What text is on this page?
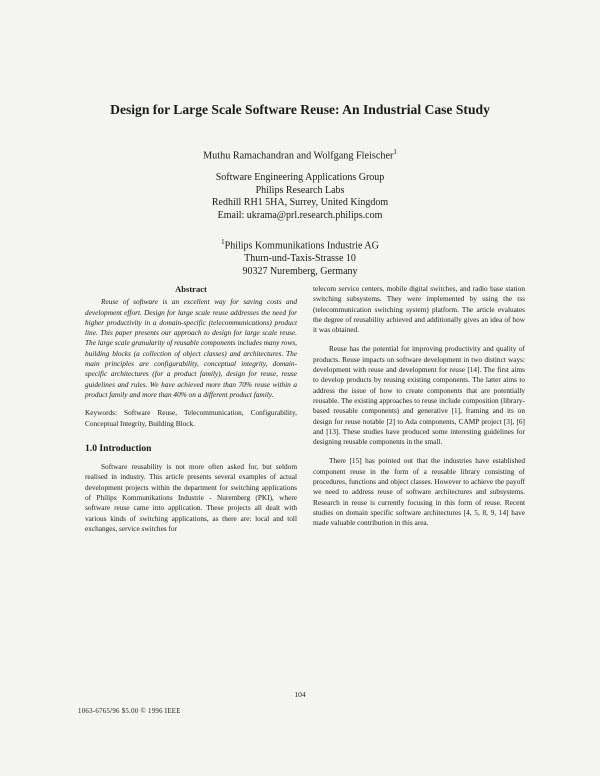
Design for Large Scale Software Reuse: An Industrial Case Study
Muthu Ramachandran and Wolfgang Fleischer$^1$
Software Engineering Applications Group
Philips Research Labs
Redhill RH1 5HA, Surrey, United Kingdom
Email: ukrama@prl.research.philips.com
$^1$Philips Kommunikations Industrie AG
Thurn-und-Taxis-Strasse 10
90327 Nuremberg, Germany
Abstract

Reuse of software is an excellent way for saving costs and development effort. Design for large scale reuse addresses the need for higher productivity in a domain-specific (telecommunications) product line. This paper presents our approach to design for large scale reuse. The large scale granularity of reusable components includes many rows, building blocks (a collection of object classes) and architectures. The main principles are configurability, conceptual integrity, domain-specific architectures (for a product family), design for reuse, reuse guidelines and rules. We have achieved more than 70% reuse within a product family and more than 40% on a different product family.

Keywords: Software Reuse, Telecommunication, Configurability, Conceptual Integrity, Building Block.

1.0 Introduction

Software reusability is not more often asked for, but seldom realised in industry. This article presents several examples of actual development projects within the department for switching applications of Philips Kommunikations Industrie - Nuremberg (PKI), where software reuse came into application. These projects all dealt with various kinds of switching applications, as there are: local and toll exchanges, service switches for

telecom service centers, mobile digital switches, and radio base station switching subsystems. They were implemented by using the tss (telecommunication switching system) platform. The article evaluates the degree of reusability achieved and additionally gives an idea of how it was obtained.

Reuse has the potential for improving productivity and quality of products. Reuse impacts on software development in two distinct ways: development with reuse and development for reuse [14]. The first aims to develop products by reusing existing components. The latter aims to address the issue of how to create components that are potentially reusable. The existing approaches to reuse include composition (library-based reusable components) and generative [1], framing and its on design for reuse notable [2] to Ada components, CAMP project [3], [6] and [13]. These studies have produced some interesting guidelines for designing reusable components in the small.

There [15] has pointed out that the industries have established component reuse in the form of a reusable library consisting of procedures, functions and object classes. However to achieve the payoff we need to address reuse of software architectures and subsystems. Research in reuse is currently focusing in this form of reuse. Recent studies on domain specific software architectures [4, 5, 8, 9, 14] have made valuable contribution in this area.

104
1063-6765/96 $5.00 © 1996 IEEE
